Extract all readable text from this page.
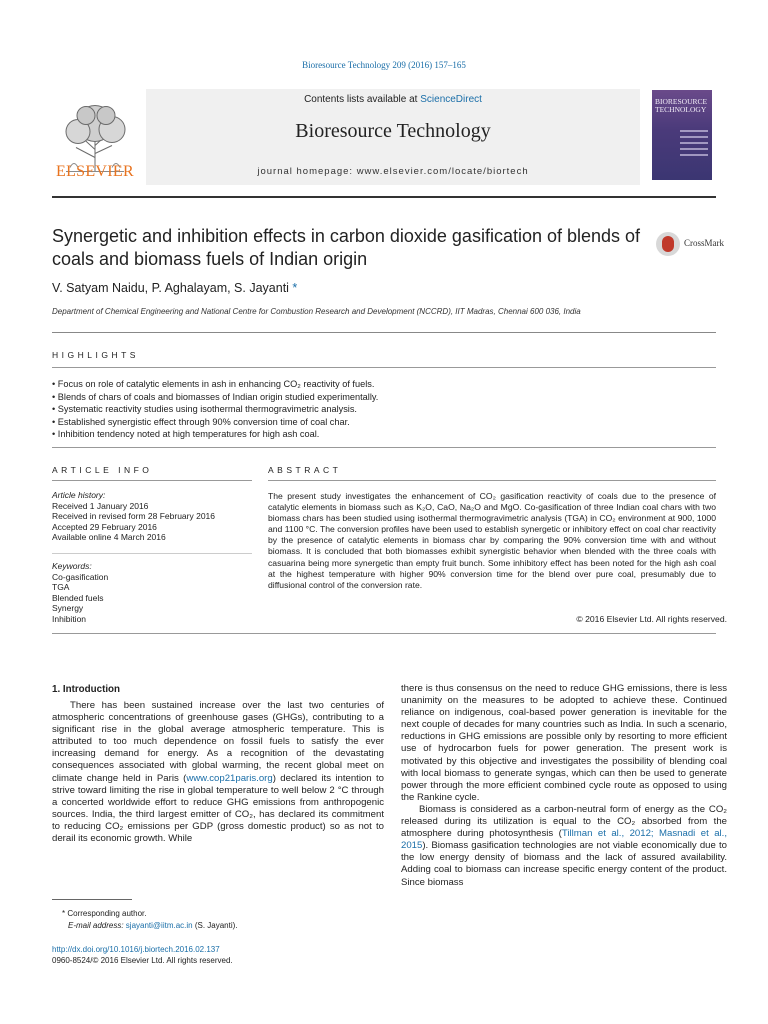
Bioresource Technology 209 (2016) 157–165
ELSEVIER
Contents lists available at ScienceDirect
Bioresource Technology
journal homepage: www.elsevier.com/locate/biortech
BIORESOURCE TECHNOLOGY
Synergetic and inhibition effects in carbon dioxide gasification of blends of coals and biomass fuels of Indian origin
CrossMark
V. Satyam Naidu, P. Aghalayam, S. Jayanti *
Department of Chemical Engineering and National Centre for Combustion Research and Development (NCCRD), IIT Madras, Chennai 600 036, India
HIGHLIGHTS
• Focus on role of catalytic elements in ash in enhancing CO₂ reactivity of fuels.
• Blends of chars of coals and biomasses of Indian origin studied experimentally.
• Systematic reactivity studies using isothermal thermogravimetric analysis.
• Established synergistic effect through 90% conversion time of coal char.
• Inhibition tendency noted at high temperatures for high ash coal.
ARTICLE INFO	ABSTRACT
Article history:
Received 1 January 2016
Received in revised form 28 February 2016
Accepted 29 February 2016
Available online 4 March 2016
Keywords:
Co-gasification
TGA
Blended fuels
Synergy
Inhibition
The present study investigates the enhancement of CO₂ gasification reactivity of coals due to the presence of catalytic elements in biomass such as K₂O, CaO, Na₂O and MgO. Co-gasification of three Indian coal chars with two biomass chars has been studied using isothermal thermogravimetric analysis (TGA) in CO₂ environment at 900, 1000 and 1100 °C. The conversion profiles have been used to establish synergetic or inhibitory effect on coal char reactivity by the presence of catalytic elements in biomass char by comparing the 90% conversion time with and without biomass. It is concluded that both biomasses exhibit synergistic behavior when blended with the three coals with casuarina being more synergetic than empty fruit bunch. Some inhibitory effect has been noted for the high ash coal at the highest temperature with higher 90% conversion time for the blend over pure coal, presumably due to diffusional control of the conversion rate.
© 2016 Elsevier Ltd. All rights reserved.
1. Introduction
There has been sustained increase over the last two centuries of atmospheric concentrations of greenhouse gases (GHGs), contributing to a significant rise in the global average atmospheric temperature. This is attributed to too much dependence on fossil fuels to satisfy the ever increasing demand for energy. As a recognition of the devastating consequences associated with global warming, the recent global meet on climate change held in Paris (www.cop21paris.org) declared its intention to strive toward limiting the rise in global temperature to well below 2 °C through a concerted worldwide effort to reduce GHG emissions from anthropogenic sources. India, the third largest emitter of CO₂, has declared its commitment to reducing CO₂ emissions per GDP (gross domestic product) so as not to derail its economic growth. While
there is thus consensus on the need to reduce GHG emissions, there is less unanimity on the measures to be adopted to achieve these. Continued reliance on indigenous, coal-based power generation is inevitable for the next couple of decades for many countries such as India. In such a scenario, reductions in GHG emissions are possible only by resorting to more efficient use of hydrocarbon fuels for power generation. The present work is motivated by this objective and investigates the possibility of blending coal with local biomass to generate syngas, which can then be used to generate power through the more efficient combined cycle route as opposed to using the Rankine cycle.
Biomass is considered as a carbon-neutral form of energy as the CO₂ released during its utilization is equal to the CO₂ absorbed from the atmosphere during photosynthesis (Tillman et al., 2012; Masnadi et al., 2015). Biomass gasification technologies are not viable economically due to the low energy density of biomass and the lack of assured availability. Adding coal to biomass can increase specific energy content of the product. Since biomass
* Corresponding author.
E-mail address: sjayanti@iitm.ac.in (S. Jayanti).
http://dx.doi.org/10.1016/j.biortech.2016.02.137
0960-8524/© 2016 Elsevier Ltd. All rights reserved.
